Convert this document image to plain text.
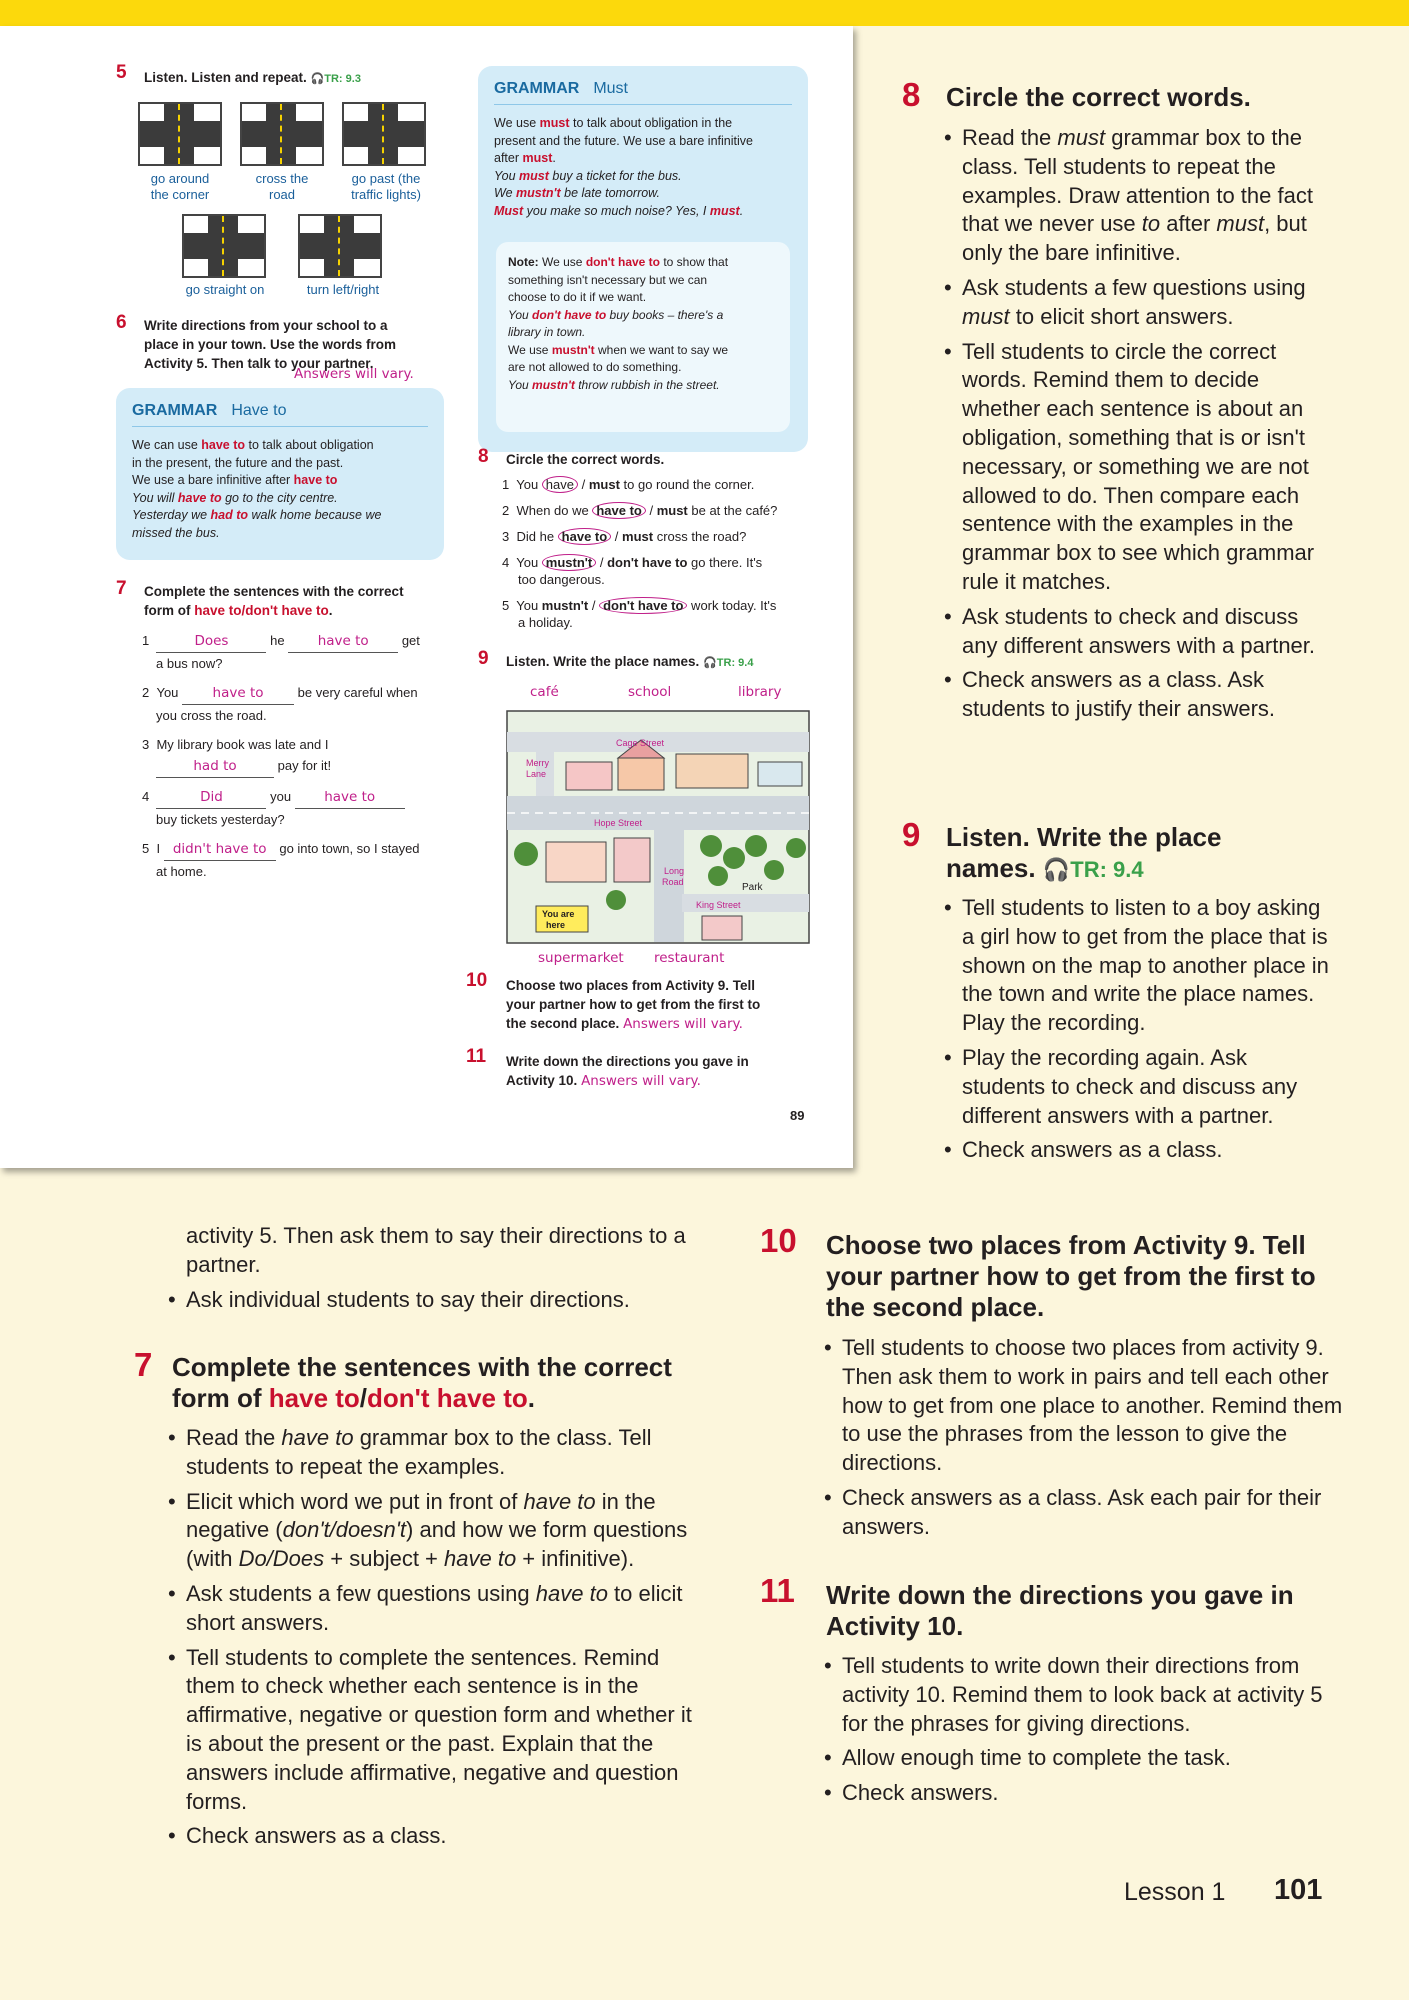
5 Listen. Listen and repeat. 🎧TR: 9.3
go around
the corner
cross the
road
go past (the
traffic lights)
go straight on	turn left/right
6 Write directions from your school to a
place in your town. Use the words from
Activity 5. Then talk to your partner.
Answers will vary.
GRAMMAR Have to
We can use have to to talk about obligation
in the present, the future and the past.
We use a bare infinitive after have to
You will have to go to the city centre.
Yesterday we had to walk home because we
missed the bus.
7 Complete the sentences with the correct
form of have to/don't have to.
1	Does	he have to	get
a bus now?
2 You	have to	be very careful when
you cross the road.
3 My library book was late and I
had to	pay for it!
4	Did	you have to
buy tickets yesterday?
5 I didn't have to go into town, so I stayed
at home.
GRAMMAR Must
We use must to talk about obligation in the
present and the future. We use a bare infinitive
after must.
You must buy a ticket for the bus.
We mustn't be late tomorrow.
Must you make so much noise? Yes, I must.
Note: We use don't have to to show that
something isn't necessary but we can
choose to do it if we want.
You don't have to buy books – there's a
library in town.
We use mustn't when we want to say we
are not allowed to do something.
You mustn't throw rubbish in the street.
8 Circle the correct words.
1 You have / must to go round the corner.
2 When do we have to / must be at the café?
3 Did he have to / must cross the road?
4 You mustn't / don't have to go there. It's
too dangerous.
5 You mustn't / don't have to work today. It's
a holiday.
9 Listen. Write the place names. 🎧TR: 9.4
café	school	library
Cage Street
Merry
Lane
Hope Street
Long
Road	Park
King Street
You are
here
supermarket restaurant
10 Choose two places from Activity 9. Tell
your partner how to get from the first to
the second place. Answers will vary.
11 Write down the directions you gave in
Activity 10. Answers will vary.
89
8 Circle the correct words.
• Read the must grammar box to the class. Tell students to repeat the examples. Draw attention to the fact that we never use to after must, but only the bare infinitive.
• Ask students a few questions using must to elicit short answers.
• Tell students to circle the correct words. Remind them to decide whether each sentence is about an obligation, something that is or isn't necessary, or something we are not allowed to do. Then compare each sentence with the examples in the grammar box to see which grammar rule it matches.
• Ask students to check and discuss any different answers with a partner.
• Check answers as a class. Ask students to justify their answers.
9 Listen. Write the place
names. 🎧TR: 9.4
• Tell students to listen to a boy asking a girl how to get from the place that is shown on the map to another place in the town and write the place names. Play the recording.
• Play the recording again. Ask students to check and discuss any different answers with a partner.
• Check answers as a class.
activity 5. Then ask them to say their directions to a partner.
• Ask individual students to say their directions.
7 Complete the sentences with the correct
form of have to/don't have to.
• Read the have to grammar box to the class. Tell students to repeat the examples.
• Elicit which word we put in front of have to in the negative (don't/doesn't) and how we form questions (with Do/Does + subject + have to + infinitive).
• Ask students a few questions using have to to elicit short answers.
• Tell students to complete the sentences. Remind them to check whether each sentence is in the affirmative, negative or question form and whether it is about the present or the past. Explain that the answers include affirmative, negative and question forms.
• Check answers as a class.
10 Choose two places from Activity 9. Tell your partner how to get from the first to the second place.
• Tell students to choose two places from activity 9. Then ask them to work in pairs and tell each other how to get from one place to another. Remind them to use the phrases from the lesson to give the directions.
• Check answers as a class. Ask each pair for their answers.
11 Write down the directions you gave in Activity 10.
• Tell students to write down their directions from activity 10. Remind them to look back at activity 5 for the phrases for giving directions.
• Allow enough time to complete the task.
• Check answers.
Lesson 1 101
